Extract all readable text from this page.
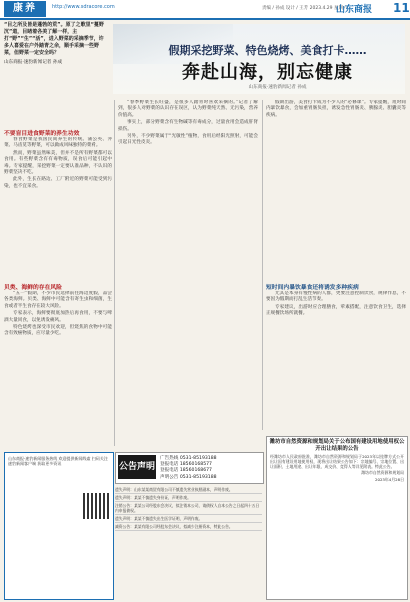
康养	http://www.sdracore.com	责编 / 孙成 设计 / 王芳 2023.4.29 星期六
山东商报 11
“目之所及皆是蓬勃的荒”。原了之歌里“蔓野沉”道，目睹着各美了解一样，主打“野”“生”“活”，进入野菜的采摘季节，许多人喜爱在户外踏青之余，顺手采摘一些野菜，但野菜一定安全吗？
山东商报·速豹新闻记者 孙成
假期采挖野菜、特色烧烤、美食打卡……
奔赴山海，别忘健康
山东商报·速豹新闻记者 孙成
不要盲目进食野菜的养生功效

春食野菜是我国民间养生的传统。蒲公英、荠菜、马齿苋等野菜，可以做成风味独特的菜肴。

然而，野菜虽然味美，但并不是所有野菜都可以食用。有些野菜含有有毒物质，误食后可能引起中毒。专家提醒，采挖野菜一定要认准品种，不认识的野菜坚决不吃。

此外，生长在路边、工厂附近的野菜可能受到污染，也不宜采食。

贝类、海鲜的存在风险

“五一”假期，不少市民选择前往海边度假，品尝各类海鲜。贝类、海鲜中可能含有寄生虫和细菌，生食或者半生食存在较大风险。

专家表示，海鲜要彻底加热后再食用，不要与啤酒大量同食，以免诱发痛风。

特色烧烤也深受市民欢迎，但烧焦的食物中可能含有致癌物质，应尽量少吃。

“春季野菜生长旺盛，是很多人踏青时喜欢采摘的。”记者了解到，很多人对野菜的认识存在误区，认为野菜纯天然、无污染，营养价值高。

事实上，部分野菜含有生物碱等有毒成分，过量食用会造成肝肾损伤。

另外，不少野菜属于“光敏性”植物，食用后经阳光照射，可能会引起日光性皮炎。

短时间内暴饮暴食还将诱发多种疾病

假期出游，美食打卡成为不少人的“必修课”。专家提醒，短时间内暴饮暴食，会加重胃肠负担，诱发急性胃肠炎、胰腺炎、胆囊炎等疾病。

尤其是本身有慢性病的人群，更要注意控制饮食，规律作息，不要因为假期而打乱生活节奏。

专家建议，出游时应合理膳食，荤素搭配，注意饮食卫生，选择正规餐饮场所就餐。

山东商报·速豹新闻服务热线 欢迎提供新闻线索 扫码关注速豹新闻客户端 获取更多资讯	公告声明
广告热线 0531-85193188
登报电话 18560168577
登报电话 18560168677
声明公告 0531-85193188
遗失声明：山东某某商贸有限公司不慎遗失营业执照副本，声明作废。
遗失声明：某某不慎遗失身份证，声明作废。
注销公告：某某公司经股东会决议，拟注销本公司，请债权人自本公告之日起四十五日内申报债权。
遗失声明：某某不慎遗失出生医学证明，声明作废。
减资公告：某某有限公司经股东会决议，拟减少注册资本，特此公告。
潍坊市自然资源和规划局关于公布国有建设用地使用权公开出让结果的公告
经潍坊市人民政府批准，潍坊市自然资源和规划局于2023年以挂牌方式公开出让国有建设用地使用权，现将出让结果公告如下：宗地编号、宗地位置、出让面积、土地用途、出让年限、成交价、竞得人等详见附表。特此公告。
潍坊市自然资源和规划局
2023年4月28日
